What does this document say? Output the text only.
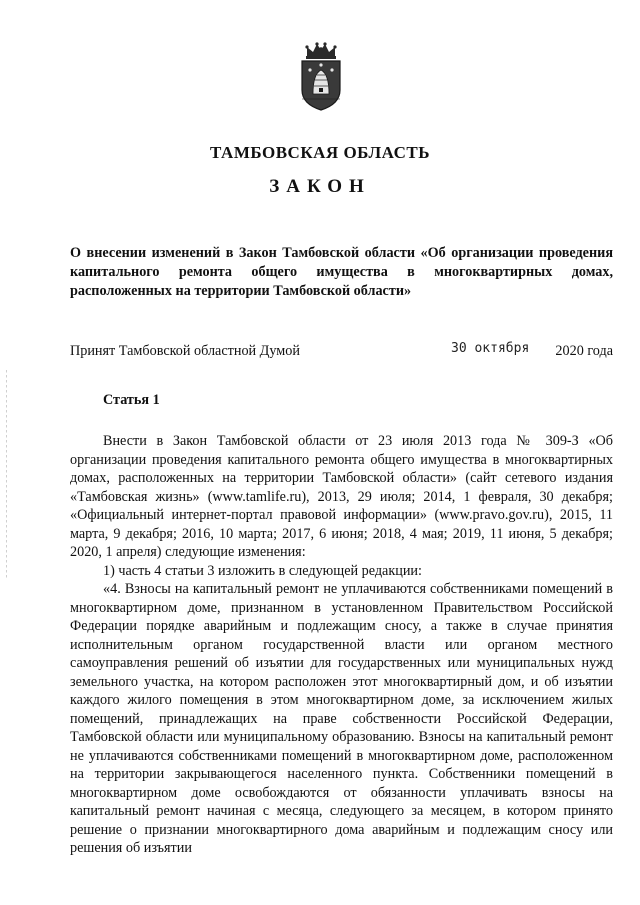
ТАМБОВСКАЯ ОБЛАСТЬ
ЗАКОН
О внесении изменений в Закон Тамбовской области «Об организации проведения капитального ремонта общего имущества в многоквартирных домах, расположенных на территории Тамбовской области»
Принят Тамбовской областной Думой	30 октября 2020 года
Статья 1

Внести в Закон Тамбовской области от 23 июля 2013 года № 309-З «Об организации проведения капитального ремонта общего имущества в многоквартирных домах, расположенных на территории Тамбовской области» (сайт сетевого издания «Тамбовская жизнь» (www.tamlife.ru), 2013, 29 июля; 2014, 1 февраля, 30 декабря; «Официальный интернет-портал правовой информации» (www.pravo.gov.ru), 2015, 11 марта, 9 декабря; 2016, 10 марта; 2017, 6 июня; 2018, 4 мая; 2019, 11 июня, 5 декабря; 2020, 1 апреля) следующие изменения:

1) часть 4 статьи 3 изложить в следующей редакции:

«4. Взносы на капитальный ремонт не уплачиваются собственниками помещений в многоквартирном доме, признанном в установленном Правительством Российской Федерации порядке аварийным и подлежащим сносу, а также в случае принятия исполнительным органом государственной власти или органом местного самоуправления решений об изъятии для государственных или муниципальных нужд земельного участка, на котором расположен этот многоквартирный дом, и об изъятии каждого жилого помещения в этом многоквартирном доме, за исключением жилых помещений, принадлежащих на праве собственности Российской Федерации, Тамбовской области или муниципальному образованию. Взносы на капитальный ремонт не уплачиваются собственниками помещений в многоквартирном доме, расположенном на территории закрывающегося населенного пункта. Собственники помещений в многоквартирном доме освобождаются от обязанности уплачивать взносы на капитальный ремонт начиная с месяца, следующего за месяцем, в котором принято решение о признании многоквартирного дома аварийным и подлежащим сносу или решения об изъятии
